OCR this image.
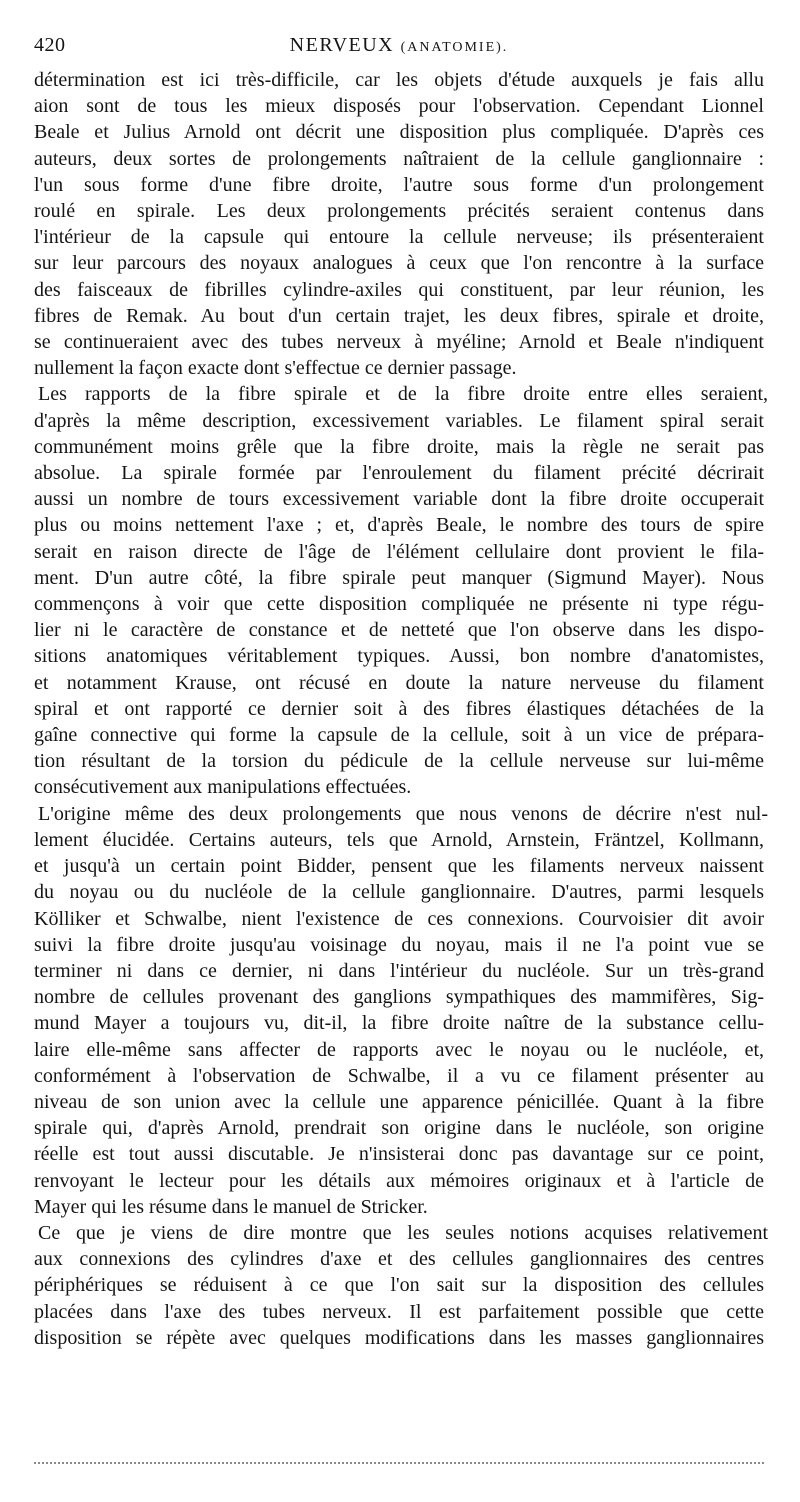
420	NERVEUX (ANATOMIE).
détermination est ici très-difficile, car les objets d'étude auxquels je fais allu
aion sont de tous les mieux disposés pour l'observation. Cependant Lionnel
Beale et Julius Arnold ont décrit une disposition plus compliquée. D'après ces
auteurs, deux sortes de prolongements naîtraient de la cellule ganglionnaire :
l'un sous forme d'une fibre droite, l'autre sous forme d'un prolongement
roulé en spirale. Les deux prolongements précités seraient contenus dans
l'intérieur de la capsule qui entoure la cellule nerveuse; ils présenteraient
sur leur parcours des noyaux analogues à ceux que l'on rencontre à la surface
des faisceaux de fibrilles cylindre-axiles qui constituent, par leur réunion, les
fibres de Remak. Au bout d'un certain trajet, les deux fibres, spirale et droite,
se continueraient avec des tubes nerveux à myéline; Arnold et Beale n'indiquent
nullement la façon exacte dont s'effectue ce dernier passage.
Les rapports de la fibre spirale et de la fibre droite entre elles seraient,
d'après la même description, excessivement variables. Le filament spiral serait
communément moins grêle que la fibre droite, mais la règle ne serait pas
absolue. La spirale formée par l'enroulement du filament précité décrirait
aussi un nombre de tours excessivement variable dont la fibre droite occuperait
plus ou moins nettement l'axe ; et, d'après Beale, le nombre des tours de spire
serait en raison directe de l'âge de l'élément cellulaire dont provient le fila-
ment. D'un autre côté, la fibre spirale peut manquer (Sigmund Mayer). Nous
commençons à voir que cette disposition compliquée ne présente ni type régu-
lier ni le caractère de constance et de netteté que l'on observe dans les dispo-
sitions anatomiques véritablement typiques. Aussi, bon nombre d'anatomistes,
et notamment Krause, ont récusé en doute la nature nerveuse du filament
spiral et ont rapporté ce dernier soit à des fibres élastiques détachées de la
gaîne connective qui forme la capsule de la cellule, soit à un vice de prépara-
tion résultant de la torsion du pédicule de la cellule nerveuse sur lui-même
consécutivement aux manipulations effectuées.
L'origine même des deux prolongements que nous venons de décrire n'est nul-
lement élucidée. Certains auteurs, tels que Arnold, Arnstein, Fräntzel, Kollmann,
et jusqu'à un certain point Bidder, pensent que les filaments nerveux naissent
du noyau ou du nucléole de la cellule ganglionnaire. D'autres, parmi lesquels
Kölliker et Schwalbe, nient l'existence de ces connexions. Courvoisier dit avoir
suivi la fibre droite jusqu'au voisinage du noyau, mais il ne l'a point vue se
terminer ni dans ce dernier, ni dans l'intérieur du nucléole. Sur un très-grand
nombre de cellules provenant des ganglions sympathiques des mammifères, Sig-
mund Mayer a toujours vu, dit-il, la fibre droite naître de la substance cellu-
laire elle-même sans affecter de rapports avec le noyau ou le nucléole, et,
conformément à l'observation de Schwalbe, il a vu ce filament présenter au
niveau de son union avec la cellule une apparence pénicillée. Quant à la fibre
spirale qui, d'après Arnold, prendrait son origine dans le nucléole, son origine
réelle est tout aussi discutable. Je n'insisterai donc pas davantage sur ce point,
renvoyant le lecteur pour les détails aux mémoires originaux et à l'article de
Mayer qui les résume dans le manuel de Stricker.
Ce que je viens de dire montre que les seules notions acquises relativement
aux connexions des cylindres d'axe et des cellules ganglionnaires des centres
périphériques se réduisent à ce que l'on sait sur la disposition des cellules
placées dans l'axe des tubes nerveux. Il est parfaitement possible que cette
disposition se répète avec quelques modifications dans les masses ganglionnaires
